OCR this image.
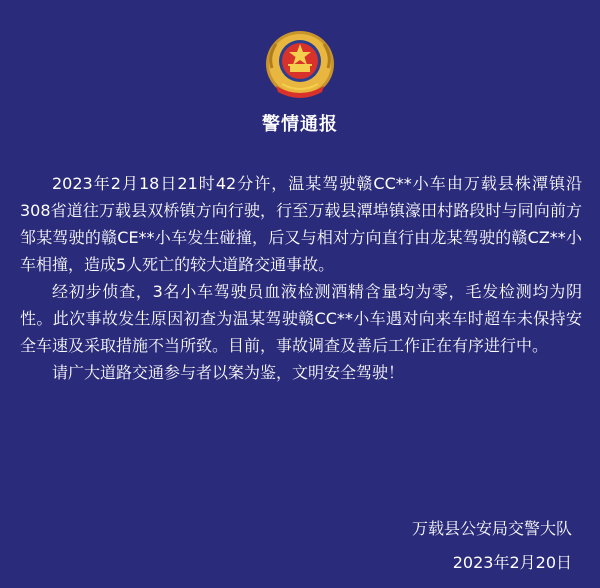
警情通报

2023年2月18日21时42分许，温某驾驶赣CC**小车由万载县株潭镇沿308省道往万载县双桥镇方向行驶，行至万载县潭埠镇濠田村路段时与同向前方邹某驾驶的赣CE**小车发生碰撞，后又与相对方向直行由龙某驾驶的赣CZ**小车相撞，造成5人死亡的较大道路交通事故。

经初步侦查，3名小车驾驶员血液检测酒精含量均为零，毛发检测均为阴性。此次事故发生原因初查为温某驾驶赣CC**小车遇对向来车时超车未保持安全车速及采取措施不当所致。目前，事故调查及善后工作正在有序进行中。

请广大道路交通参与者以案为鉴，文明安全驾驶！

万载县公安局交警大队
2023年2月20日
